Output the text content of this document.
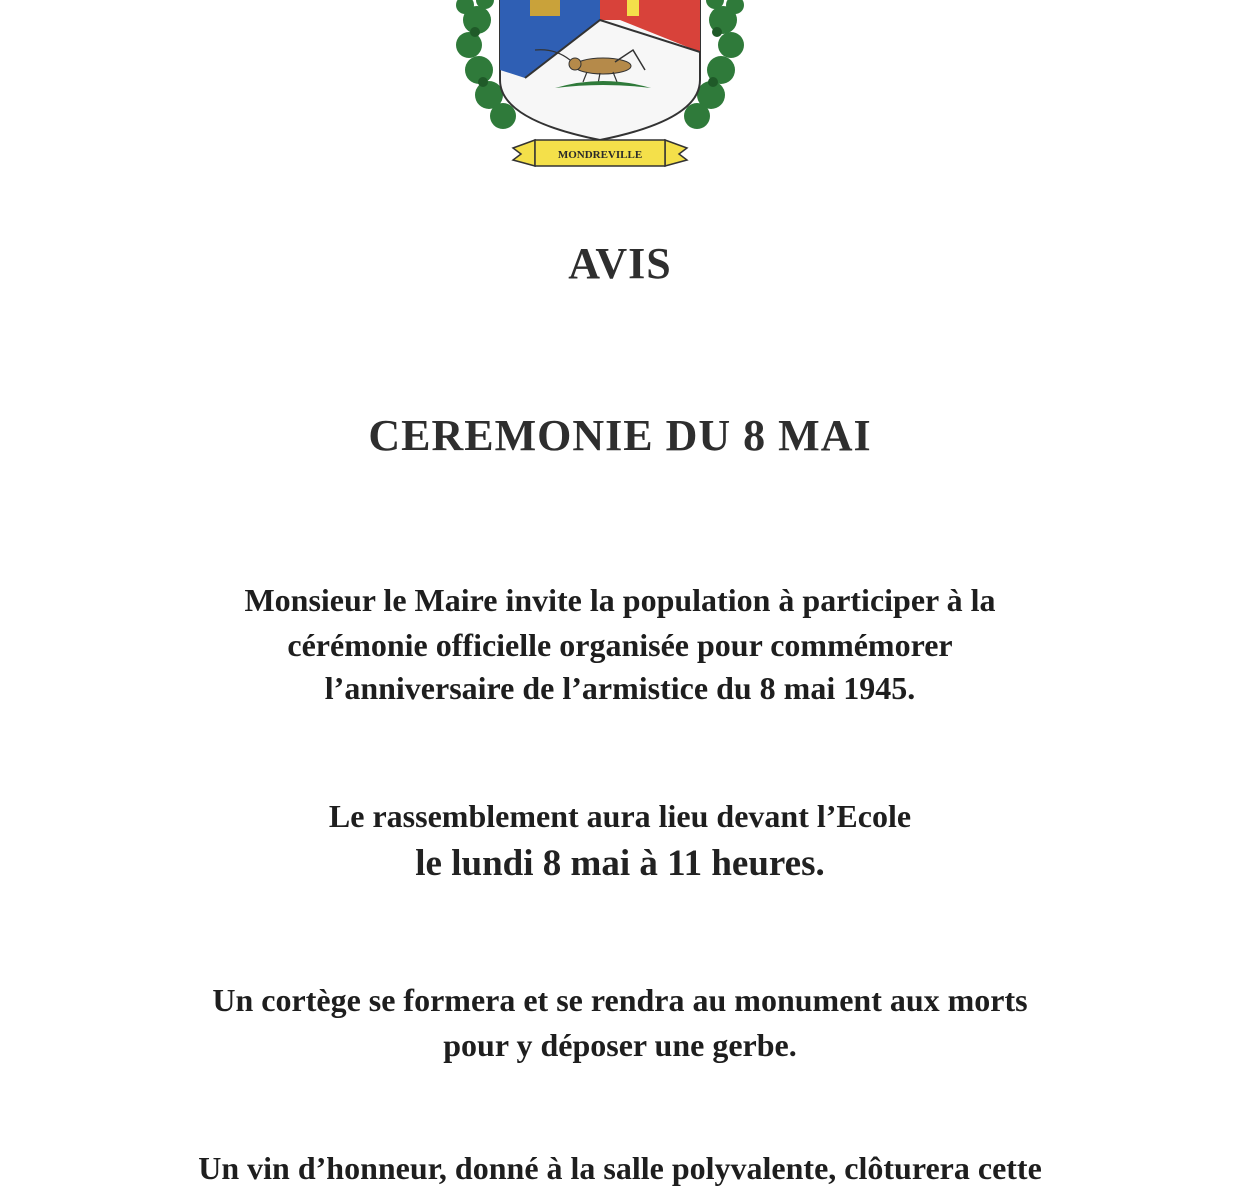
MONDREVILLE

AVIS

CEREMONIE DU 8 MAI

Monsieur le Maire invite la population à participer à la

cérémonie officielle organisée pour commémorer

l’anniversaire de l’armistice du 8 mai 1945.

Le rassemblement aura lieu devant l’Ecole

le lundi 8 mai à 11 heures.

Un cortège se formera et se rendra au monument aux morts

pour y déposer une gerbe.

Un vin d’honneur, donné à la salle polyvalente, clôturera cette
